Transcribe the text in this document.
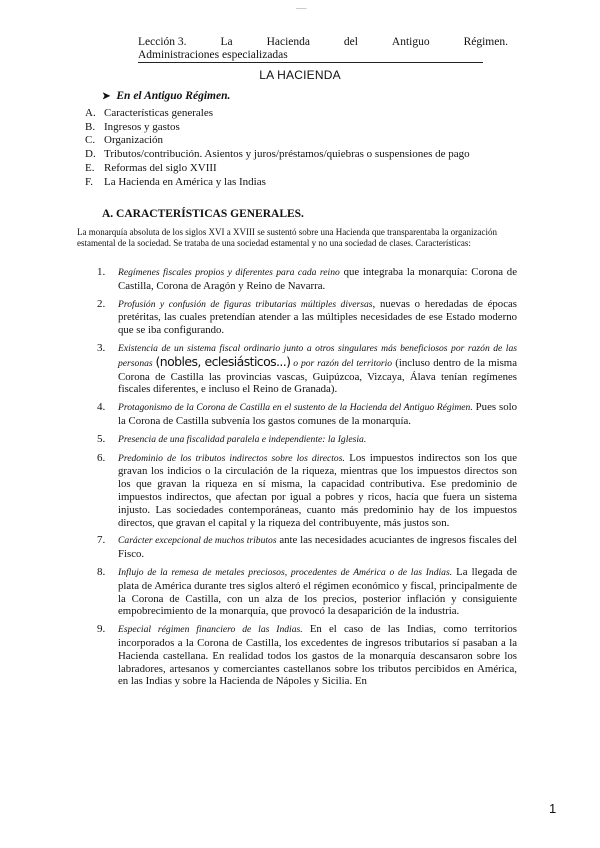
___
Lección 3.	La	Hacienda	del	Antiguo	Régimen.
Administraciones especializadas
LA HACIENDA
➤ En el Antiguo Régimen.
A. Características generales
B. Ingresos y gastos
C. Organización
D. Tributos/contribución. Asientos y juros/préstamos/quiebras o suspensiones de pago
E. Reformas del siglo XVIII
F.	La Hacienda en América y las Indias
A. CARACTERÍSTICAS GENERALES.
La monarquía absoluta de los siglos XVI a XVIII se sustentó sobre una Hacienda que transparentaba la organización estamental de la sociedad. Se trataba de una sociedad estamental y no una sociedad de clases. Características:
1.	Regímenes fiscales propios y diferentes para cada reino que integraba la monarquía: Corona de Castilla, Corona de Aragón y Reino de Navarra.
2.	Profusión y confusión de figuras tributarias múltiples diversas, nuevas o heredadas de épocas pretéritas, las cuales pretendían atender a las múltiples necesidades de ese Estado moderno que se iba configurando.
3.	Existencia de un sistema fiscal ordinario junto a otros singulares más beneficiosos por razón de las personas (nobles, eclesiásticos...) o por razón del territorio (incluso dentro de la misma Corona de Castilla las provincias vascas, Guipúzcoa, Vizcaya, Álava tenían regímenes fiscales diferentes, e incluso el Reino de Granada).
4.	Protagonismo de la Corona de Castilla en el sustento de la Hacienda del Antiguo Régimen. Pues solo la Corona de Castilla subvenía los gastos comunes de la monarquía.
5.	Presencia de una fiscalidad paralela e independiente: la Iglesia.
6.	Predominio de los tributos indirectos sobre los directos. Los impuestos indirectos son los que gravan los indicios o la circulación de la riqueza, mientras que los impuestos directos son los que gravan la riqueza en sí misma, la capacidad contributiva. Ese predominio de impuestos indirectos, que afectan por igual a pobres y ricos, hacía que fuera un sistema injusto. Las sociedades contemporáneas, cuanto más predominio hay de los impuestos directos, que gravan el capital y la riqueza del contribuyente, más justos son.
7.	Carácter excepcional de muchos tributos ante las necesidades acuciantes de ingresos fiscales del Fisco.
8.	Influjo de la remesa de metales preciosos, procedentes de América o de las Indias. La llegada de plata de América durante tres siglos alteró el régimen económico y fiscal, principalmente de la Corona de Castilla, con un alza de los precios, posterior inflación y consiguiente empobrecimiento de la monarquía, que provocó la desaparición de la industria.
9.	Especial régimen financiero de las Indias. En el caso de las Indias, como territorios incorporados a la Corona de Castilla, los excedentes de ingresos tributarios sí pasaban a la Hacienda castellana. En realidad todos los gastos de la monarquía descansaron sobre los labradores, artesanos y comerciantes castellanos sobre los tributos percibidos en América, en las Indias y sobre la Hacienda de Nápoles y Sicilia. En
1
